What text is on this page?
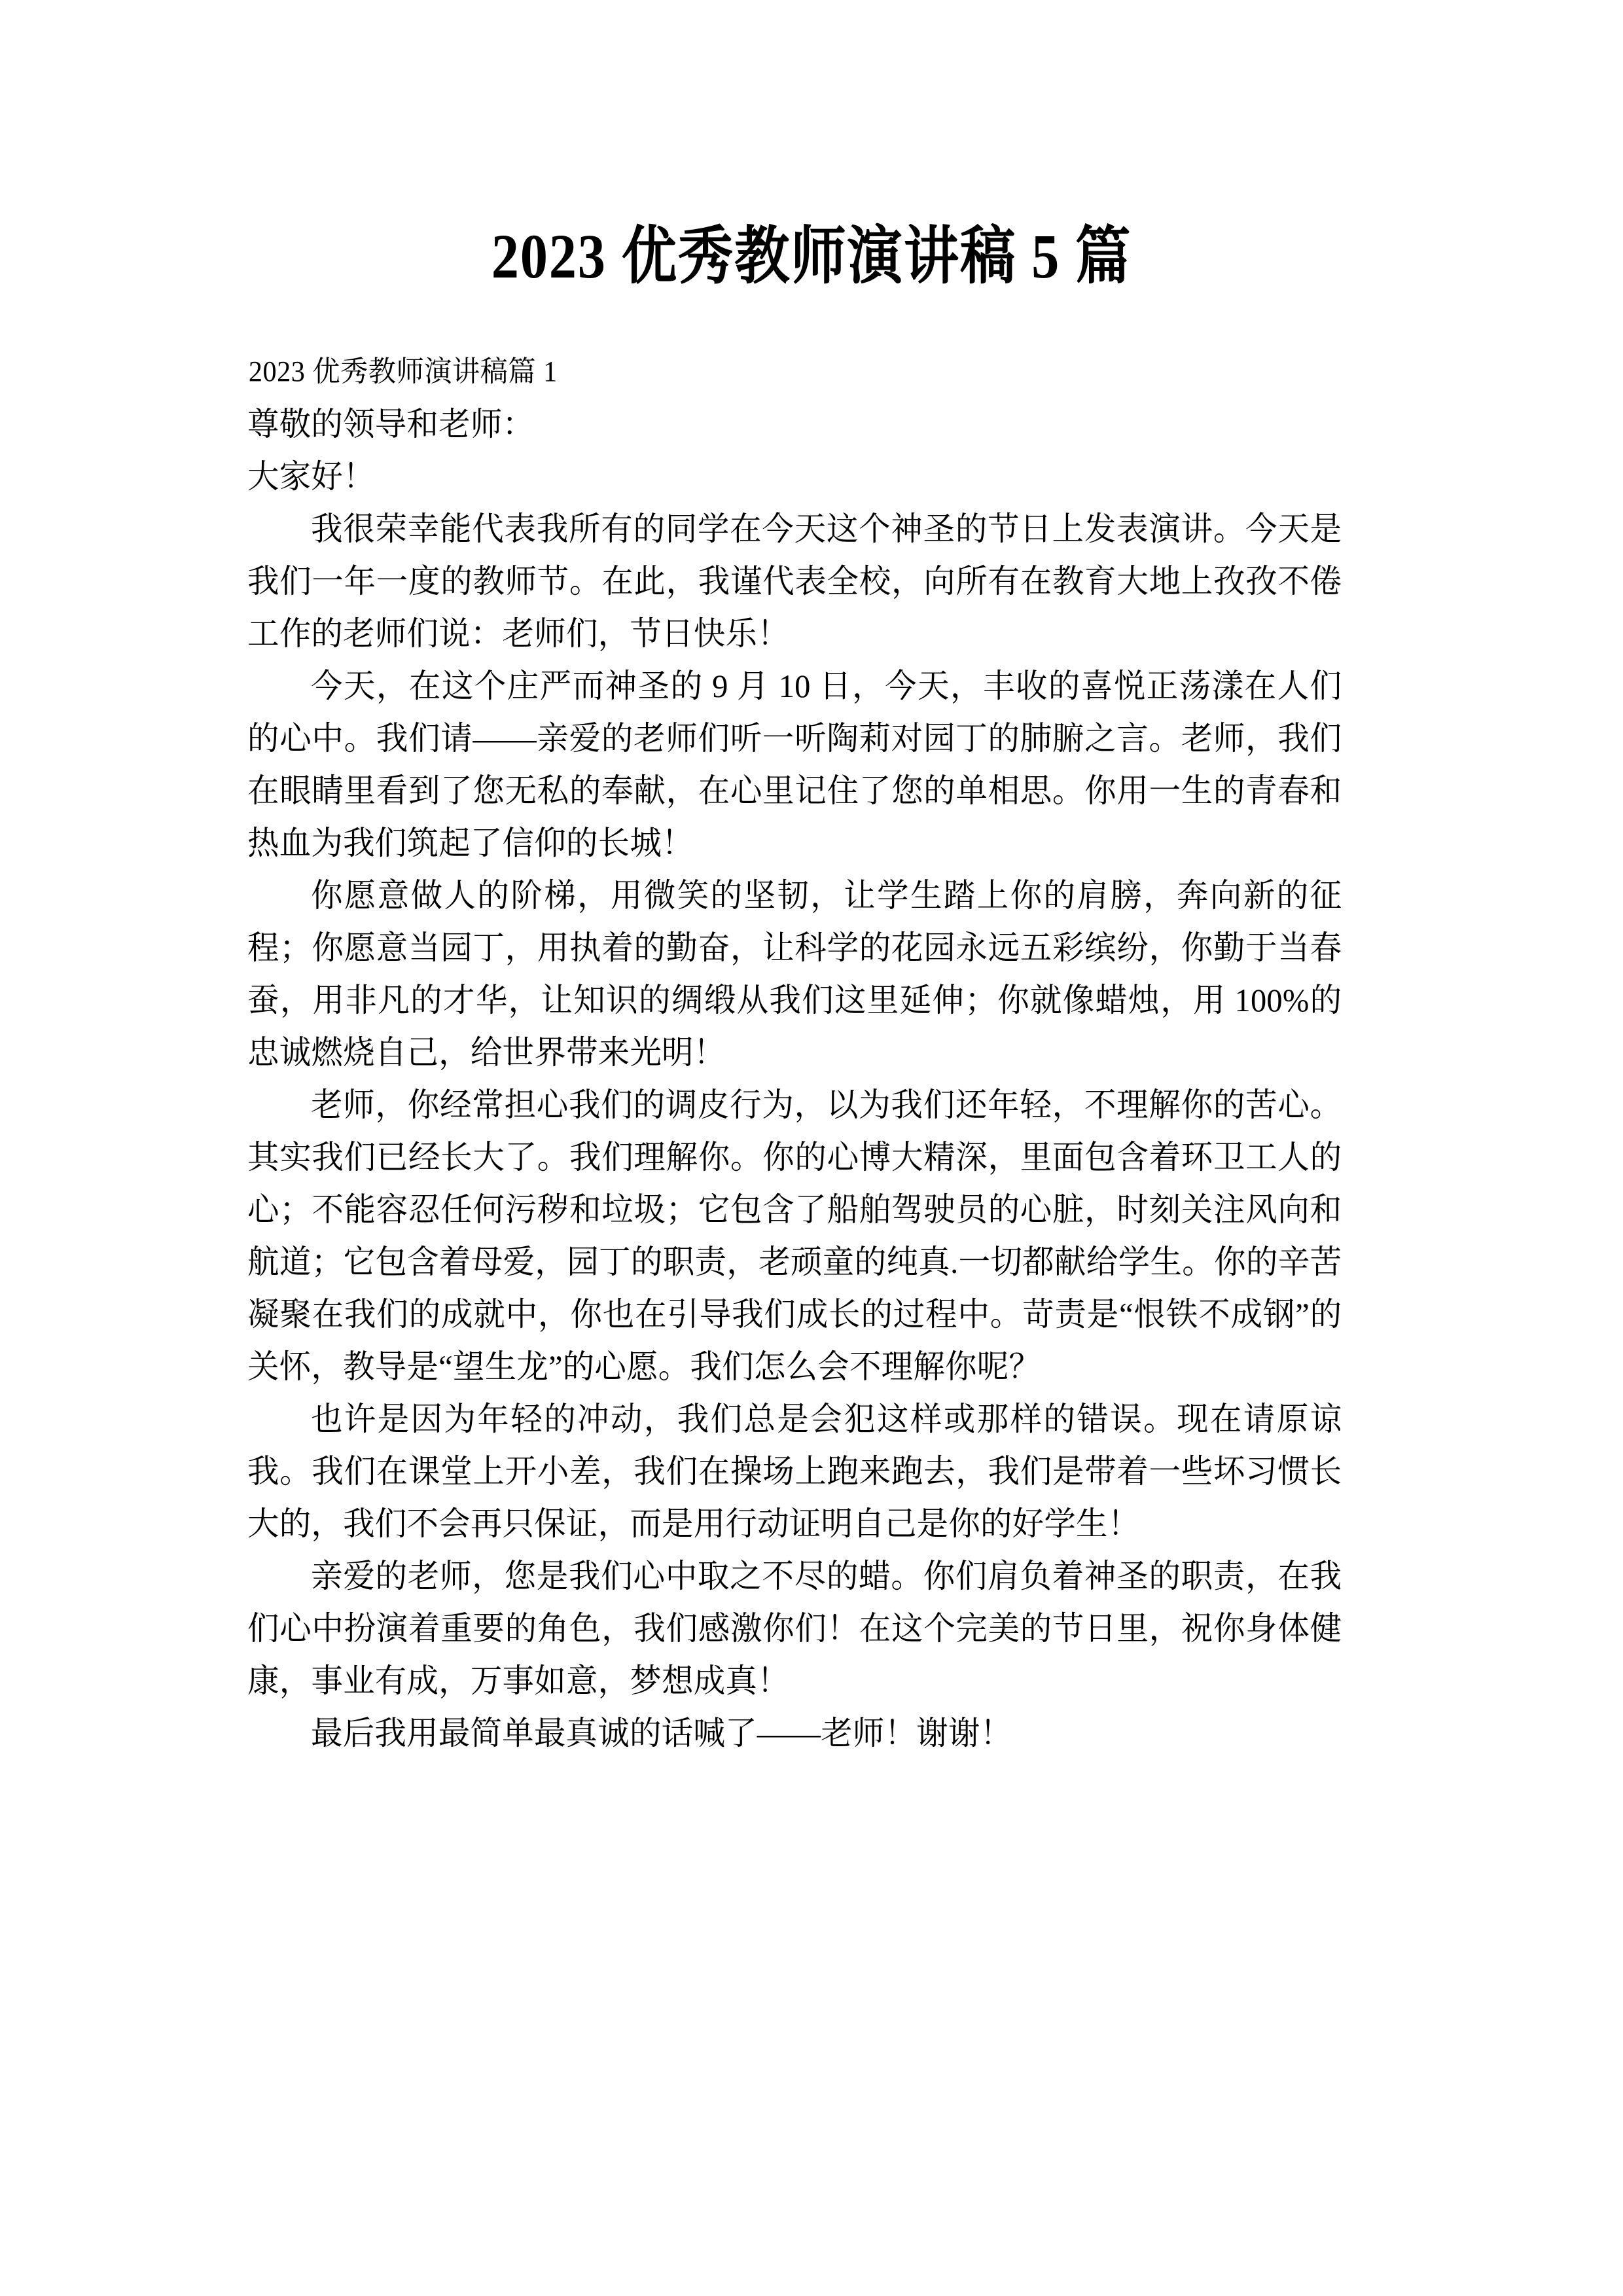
2023 优秀教师演讲稿 5 篇

2023 优秀教师演讲稿篇 1

尊敬的领导和老师：

大家好！

我很荣幸能代表我所有的同学在今天这个神圣的节日上发表演讲。今天是我们一年一度的教师节。在此，我谨代表全校，向所有在教育大地上孜孜不倦工作的老师们说：老师们，节日快乐！

今天，在这个庄严而神圣的 9 月 10 日，今天，丰收的喜悦正荡漾在人们的心中。我们请——亲爱的老师们听一听陶莉对园丁的肺腑之言。老师，我们在眼睛里看到了您无私的奉献，在心里记住了您的单相思。你用一生的青春和热血为我们筑起了信仰的长城！

你愿意做人的阶梯，用微笑的坚韧，让学生踏上你的肩膀，奔向新的征程；你愿意当园丁，用执着的勤奋，让科学的花园永远五彩缤纷，你勤于当春蚕，用非凡的才华，让知识的绸缎从我们这里延伸；你就像蜡烛，用 100%的忠诚燃烧自己，给世界带来光明！

老师，你经常担心我们的调皮行为，以为我们还年轻，不理解你的苦心。其实我们已经长大了。我们理解你。你的心博大精深，里面包含着环卫工人的心；不能容忍任何污秽和垃圾；它包含了船舶驾驶员的心脏，时刻关注风向和航道；它包含着母爱，园丁的职责，老顽童的纯真.一切都献给学生。你的辛苦凝聚在我们的成就中，你也在引导我们成长的过程中。苛责是“恨铁不成钢”的关怀，教导是“望生龙”的心愿。我们怎么会不理解你呢？

也许是因为年轻的冲动，我们总是会犯这样或那样的错误。现在请原谅我。我们在课堂上开小差，我们在操场上跑来跑去，我们是带着一些坏习惯长大的，我们不会再只保证，而是用行动证明自己是你的好学生！

亲爱的老师，您是我们心中取之不尽的蜡。你们肩负着神圣的职责，在我们心中扮演着重要的角色，我们感激你们！在这个完美的节日里，祝你身体健康，事业有成，万事如意，梦想成真！

最后我用最简单最真诚的话喊了——老师！谢谢！
